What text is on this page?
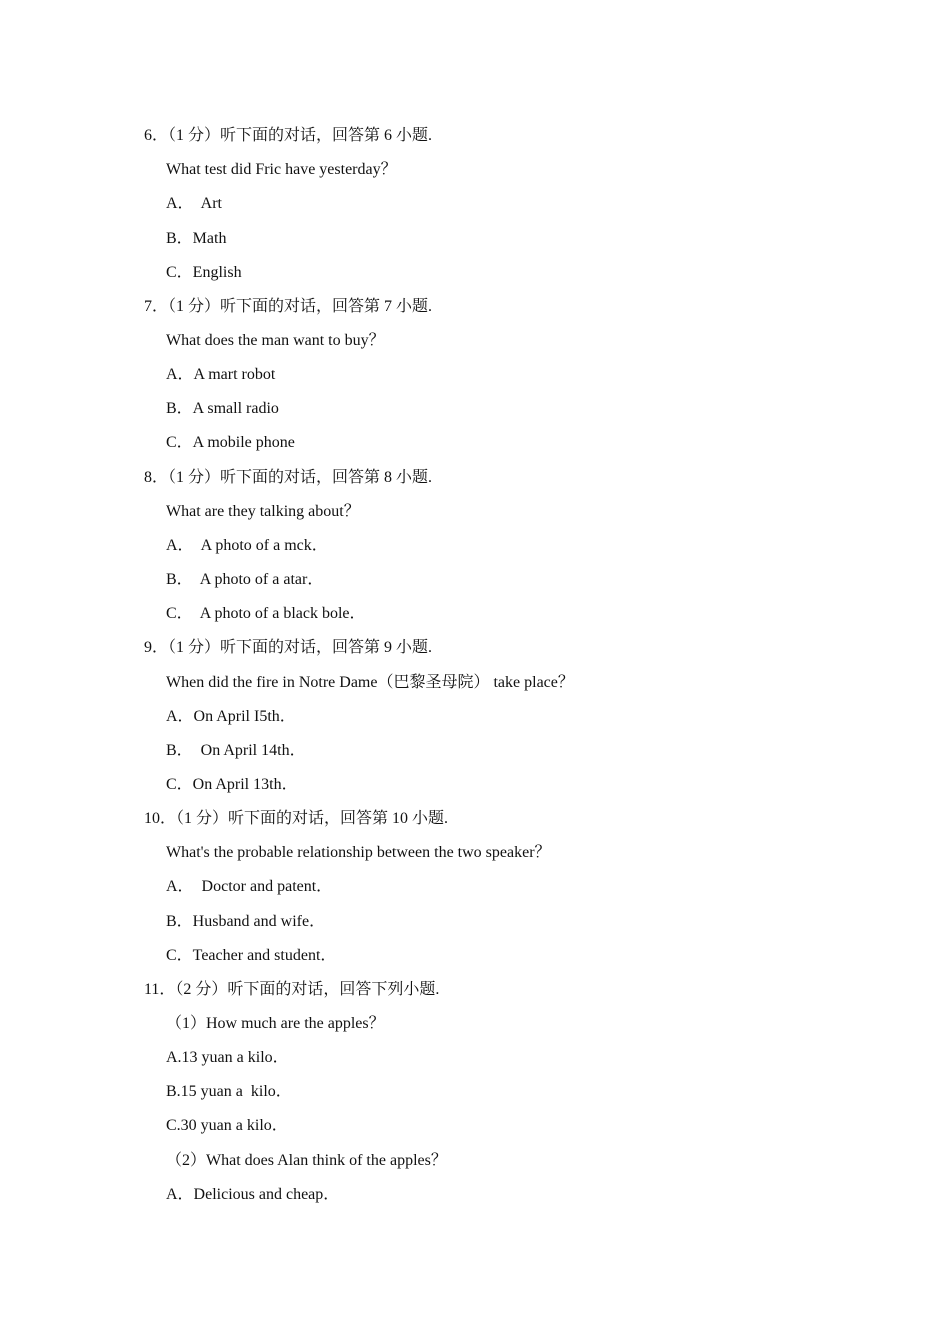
6．（1 分）听下面的对话，回答第 6 小题.
What test did Fric have yesterday？
A．  Art
B．Math
C．English
7．（1 分）听下面的对话，回答第 7 小题.
What does the man want to buy？
A．A mart robot
B．A small radio
C．A mobile phone
8．（1 分）听下面的对话，回答第 8 小题.
What are they talking about？
A．  A photo of a mck．
B．  A photo of a atar．
C．  A photo of a black bole．
9．（1 分）听下面的对话，回答第 9 小题.
When did the fire in Notre Dame（巴黎圣母院） take place？
A．On April I5th．
B．  On April 14th．
C．On April 13th．
10．（1 分）听下面的对话，回答第 10 小题.
What's the probable relationship between the two speaker？
A．  Doctor and patent．
B．Husband and wife．
C．Teacher and student．
11．（2 分）听下面的对话，回答下列小题.
（1）How much are the apples？
A.13 yuan a kilo．
B.15 yuan a  kilo．
C.30 yuan a kilo．
（2）What does Alan think of the apples？
A．Delicious and cheap．
